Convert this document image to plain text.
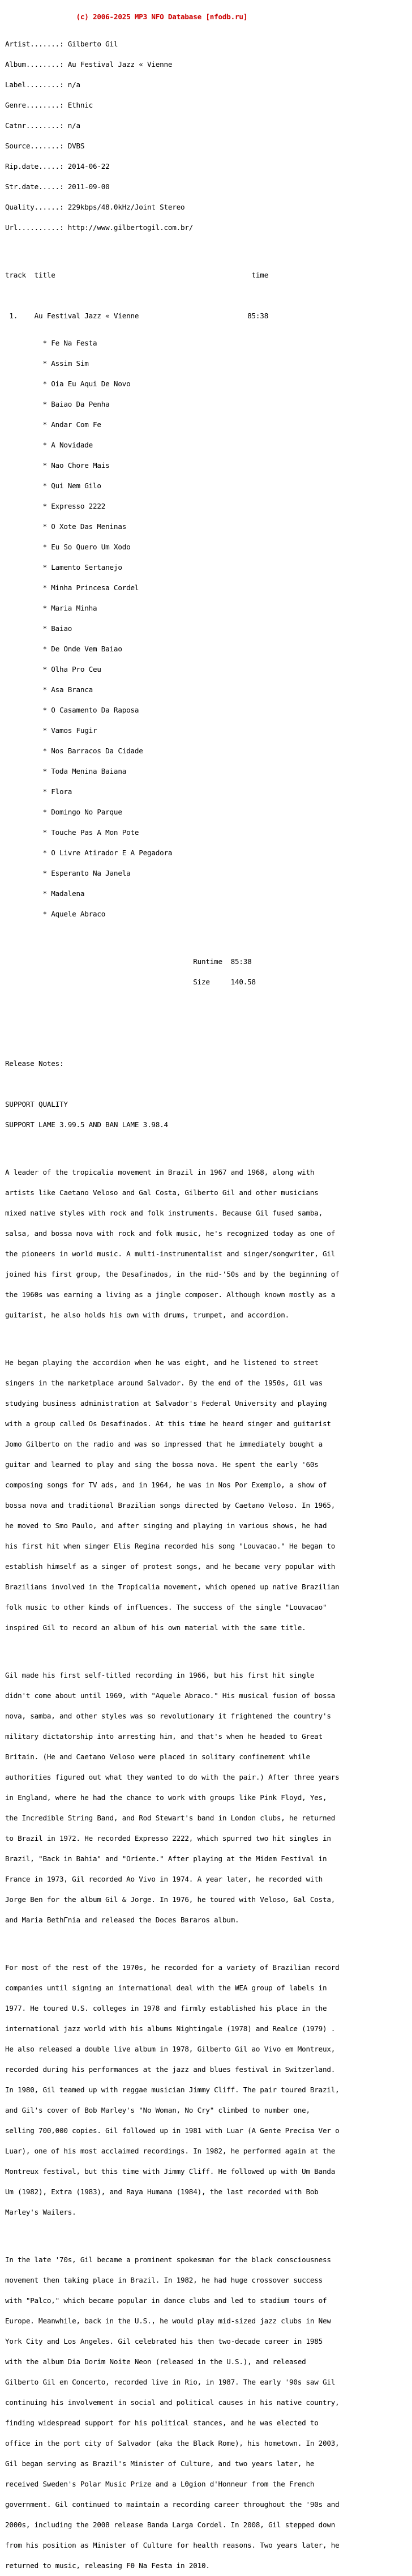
(c) 2006-2025 MP3 NFO Database [nfodb.ru]

Artist.......: Gilberto Gil

Album........: Au Festival Jazz « Vienne

Label........: n/a

Genre........: Ethnic

Catnr........: n/a

Source.......: DVBS

Rip.date.....: 2014-06-22

Str.date.....: 2011-09-00

Quality......: 229kbps/48.0kHz/Joint Stereo

Url..........: http://www.gilbertogil.com.br/

track  title                                               time

1.    Au Festival Jazz « Vienne                          85:38

* Fe Na Festa

* Assim Sim

* Oia Eu Aqui De Novo

* Baiao Da Penha

* Andar Com Fe

* A Novidade

* Nao Chore Mais

* Qui Nem Gilo

* Expresso 2222

* O Xote Das Meninas

* Eu So Quero Um Xodo

* Lamento Sertanejo

* Minha Princesa Cordel

* Maria Minha

* Baiao

* De Onde Vem Baiao

* Olha Pro Ceu

* Asa Branca

* O Casamento Da Raposa

* Vamos Fugir

* Nos Barracos Da Cidade

* Toda Menina Baiana

* Flora

* Domingo No Parque

* Touche Pas A Mon Pote

* O Livre Atirador E A Pegadora

* Esperanto Na Janela

* Madalena

* Aquele Abraco

Runtime  85:38

Size     140.58

Release Notes:

SUPPORT QUALITY

SUPPORT LAME 3.99.5 AND BAN LAME 3.98.4

A leader of the tropicalia movement in Brazil in 1967 and 1968, along with

artists like Caetano Veloso and Gal Costa, Gilberto Gil and other musicians

mixed native styles with rock and folk instruments. Because Gil fused samba,

salsa, and bossa nova with rock and folk music, he's recognized today as one of

the pioneers in world music. A multi-instrumentalist and singer/songwriter, Gil

joined his first group, the Desafinados, in the mid-'50s and by the beginning of

the 1960s was earning a living as a jingle composer. Although known mostly as a

guitarist, he also holds his own with drums, trumpet, and accordion.

He began playing the accordion when he was eight, and he listened to street

singers in the marketplace around Salvador. By the end of the 1950s, Gil was

studying business administration at Salvador's Federal University and playing

with a group called Os Desafinados. At this time he heard singer and guitarist

Jomo Gilberto on the radio and was so impressed that he immediately bought a

guitar and learned to play and sing the bossa nova. He spent the early '60s

composing songs for TV ads, and in 1964, he was in Nos Por Exemplo, a show of

bossa nova and traditional Brazilian songs directed by Caetano Veloso. In 1965,

he moved to Smo Paulo, and after singing and playing in various shows, he had

his first hit when singer Elis Regina recorded his song "Louvacao." He began to

establish himself as a singer of protest songs, and he became very popular with

Brazilians involved in the Tropicalia movement, which opened up native Brazilian

folk music to other kinds of influences. The success of the single "Louvacao"

inspired Gil to record an album of his own material with the same title.

Gil made his first self-titled recording in 1966, but his first hit single

didn't come about until 1969, with "Aquele Abraco." His musical fusion of bossa

nova, samba, and other styles was so revolutionary it frightened the country's

military dictatorship into arresting him, and that's when he headed to Great

Britain. (He and Caetano Veloso were placed in solitary confinement while

authorities figured out what they wanted to do with the pair.) After three years

in England, where he had the chance to work with groups like Pink Floyd, Yes,

the Incredible String Band, and Rod Stewart's band in London clubs, he returned

to Brazil in 1972. He recorded Expresso 2222, which spurred two hit singles in

Brazil, "Back in Bahia" and "Oriente." After playing at the Midem Festival in

France in 1973, Gil recorded Ao Vivo in 1974. A year later, he recorded with

Jorge Ben for the album Gil & Jorge. In 1976, he toured with Veloso, Gal Costa,

and Maria BethΓnia and released the Doces Bвraros album.

For most of the rest of the 1970s, he recorded for a variety of Brazilian record

companies until signing an international deal with the WEA group of labels in

1977. He toured U.S. colleges in 1978 and firmly established his place in the

international jazz world with his albums Nightingale (1978) and Realce (1979) .

He also released a double live album in 1978, Gilberto Gil ao Vivo em Montreux,

recorded during his performances at the jazz and blues festival in Switzerland.

In 1980, Gil teamed up with reggae musician Jimmy Cliff. The pair toured Brazil,

and Gil's cover of Bob Marley's "No Woman, No Cry" climbed to number one,

selling 700,000 copies. Gil followed up in 1981 with Luar (A Gente Precisa Ver o

Luar), one of his most acclaimed recordings. In 1982, he performed again at the

Montreux festival, but this time with Jimmy Cliff. He followed up with Um Banda

Um (1982), Extra (1983), and Raya Humana (1984), the last recorded with Bob

Marley's Wailers.

In the late '70s, Gil became a prominent spokesman for the black consciousness

movement then taking place in Brazil. In 1982, he had huge crossover success

with "Palco," which became popular in dance clubs and led to stadium tours of

Europe. Meanwhile, back in the U.S., he would play mid-sized jazz clubs in New

York City and Los Angeles. Gil celebrated his then two-decade career in 1985

with the album Dia Dorim Noite Neon (released in the U.S.), and released

Gilberto Gil em Concerto, recorded live in Rio, in 1987. The early '90s saw Gil

continuing his involvement in social and political causes in his native country,

finding widespread support for his political stances, and he was elected to

office in the port city of Salvador (aka the Black Rome), his hometown. In 2003,

Gil began serving as Brazil's Minister of Culture, and two years later, he

received Sweden's Polar Music Prize and a LӨgion d'Honneur from the French

government. Gil continued to maintain a recording career throughout the '90s and

2000s, including the 2008 release Banda Larga Cordel. In 2008, Gil stepped down

from his position as Minister of Culture for health reasons. Two years later, he

returned to music, releasing FӨ Na Festa in 2010.
